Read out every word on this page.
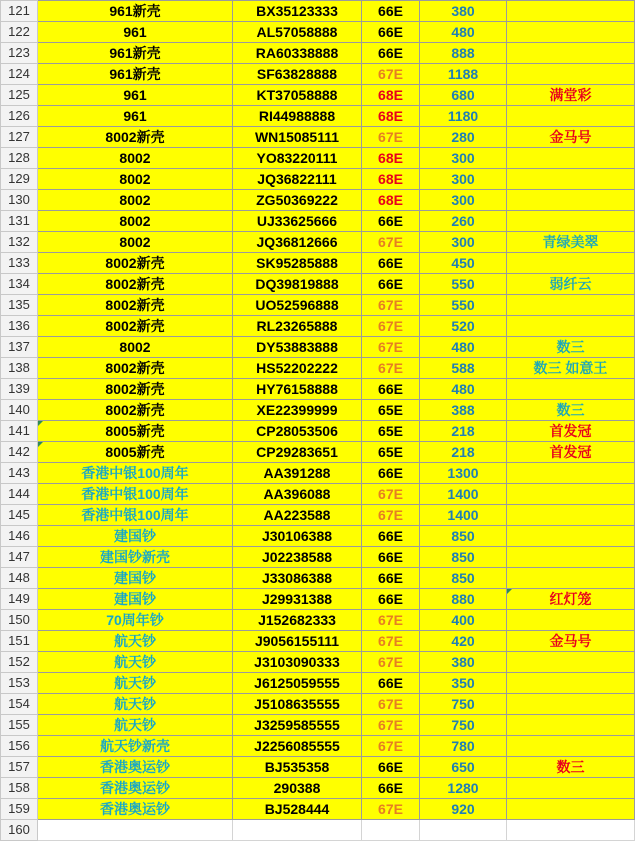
121	961新壳	BX35123333	66E	380	
122	961	AL57058888	66E	480	
123	961新壳	RA60338888	66E	888	
124	961新壳	SF63828888	67E	1188	
125	961	KT37058888	68E	680	满堂彩
126	961	RI44988888	68E	1180	
127	8002新壳	WN15085111	67E	280	金马号
128	8002	YO83220111	68E	300	
129	8002	JQ36822111	68E	300	
130	8002	ZG50369222	68E	300	
131	8002	UJ33625666	66E	260	
132	8002	JQ36812666	67E	300	青绿美翠
133	8002新壳	SK95285888	66E	450	
134	8002新壳	DQ39819888	66E	550	弱纤云
135	8002新壳	UO52596888	67E	550	
136	8002新壳	RL23265888	67E	520	
137	8002	DY53883888	67E	480	数三
138	8002新壳	HS52202222	67E	588	数三 如意王
139	8002新壳	HY76158888	66E	480	
140	8002新壳	XE22399999	65E	388	数三
141	8005新壳	CP28053506	65E	218	首发冠
142	8005新壳	CP29283651	65E	218	首发冠
143	香港中银100周年	AA391288	66E	1300	
144	香港中银100周年	AA396088	67E	1400	
145	香港中银100周年	AA223588	67E	1400	
146	建国钞	J30106388	66E	850	
147	建国钞新壳	J02238588	66E	850	
148	建国钞	J33086388	66E	850	
149	建国钞	J29931388	66E	880	红灯笼
150	70周年钞	J152682333	67E	400	
151	航天钞	J9056155111	67E	420	金马号
152	航天钞	J3103090333	67E	380	
153	航天钞	J6125059555	66E	350	
154	航天钞	J5108635555	67E	750	
155	航天钞	J3259585555	67E	750	
156	航天钞新壳	J2256085555	67E	780	
157	香港奥运钞	BJ535358	66E	650	数三
158	香港奥运钞	290388	66E	1280	
159	香港奥运钞	BJ528444	67E	920	
160					
